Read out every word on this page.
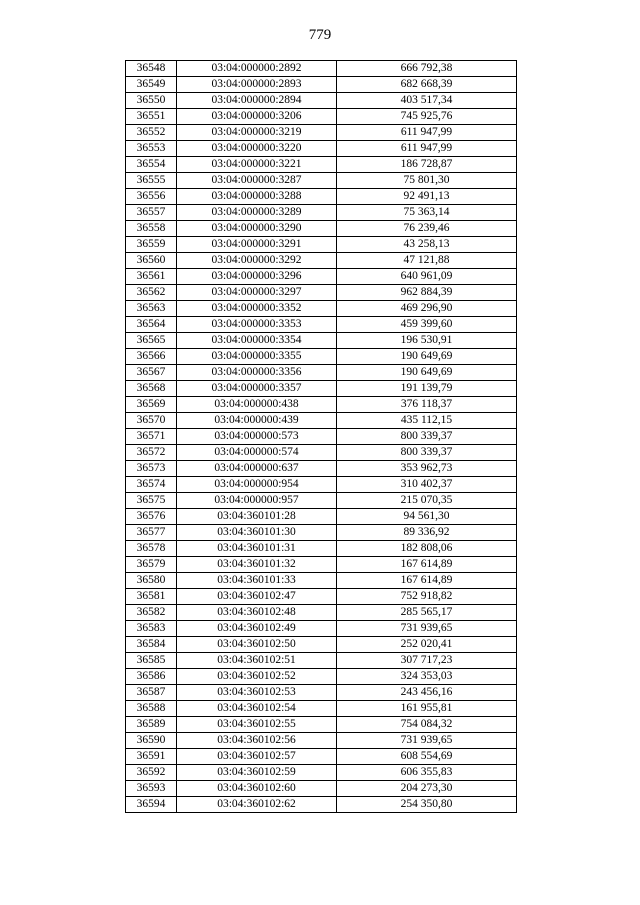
779
36548	03:04:000000:2892	666 792,38
36549	03:04:000000:2893	682 668,39
36550	03:04:000000:2894	403 517,34
36551	03:04:000000:3206	745 925,76
36552	03:04:000000:3219	611 947,99
36553	03:04:000000:3220	611 947,99
36554	03:04:000000:3221	186 728,87
36555	03:04:000000:3287	75 801,30
36556	03:04:000000:3288	92 491,13
36557	03:04:000000:3289	75 363,14
36558	03:04:000000:3290	76 239,46
36559	03:04:000000:3291	43 258,13
36560	03:04:000000:3292	47 121,88
36561	03:04:000000:3296	640 961,09
36562	03:04:000000:3297	962 884,39
36563	03:04:000000:3352	469 296,90
36564	03:04:000000:3353	459 399,60
36565	03:04:000000:3354	196 530,91
36566	03:04:000000:3355	190 649,69
36567	03:04:000000:3356	190 649,69
36568	03:04:000000:3357	191 139,79
36569	03:04:000000:438	376 118,37
36570	03:04:000000:439	435 112,15
36571	03:04:000000:573	800 339,37
36572	03:04:000000:574	800 339,37
36573	03:04:000000:637	353 962,73
36574	03:04:000000:954	310 402,37
36575	03:04:000000:957	215 070,35
36576	03:04:360101:28	94 561,30
36577	03:04:360101:30	89 336,92
36578	03:04:360101:31	182 808,06
36579	03:04:360101:32	167 614,89
36580	03:04:360101:33	167 614,89
36581	03:04:360102:47	752 918,82
36582	03:04:360102:48	285 565,17
36583	03:04:360102:49	731 939,65
36584	03:04:360102:50	252 020,41
36585	03:04:360102:51	307 717,23
36586	03:04:360102:52	324 353,03
36587	03:04:360102:53	243 456,16
36588	03:04:360102:54	161 955,81
36589	03:04:360102:55	754 084,32
36590	03:04:360102:56	731 939,65
36591	03:04:360102:57	608 554,69
36592	03:04:360102:59	606 355,83
36593	03:04:360102:60	204 273,30
36594	03:04:360102:62	254 350,80
